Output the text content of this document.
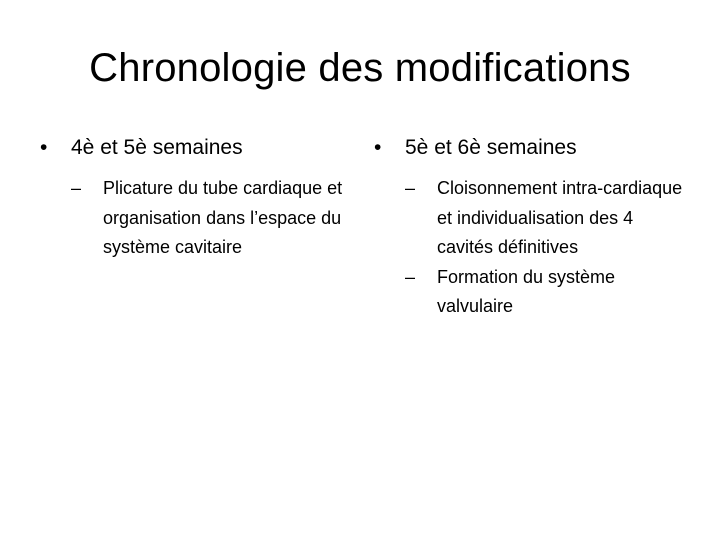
Chronologie des modifications
• 4è et 5è semaines
– Plicature du tube cardiaque et organisation dans l’espace du système cavitaire
• 5è et 6è semaines
– Cloisonnement intra-cardiaque et individualisation des 4 cavités définitives
– Formation du système valvulaire
